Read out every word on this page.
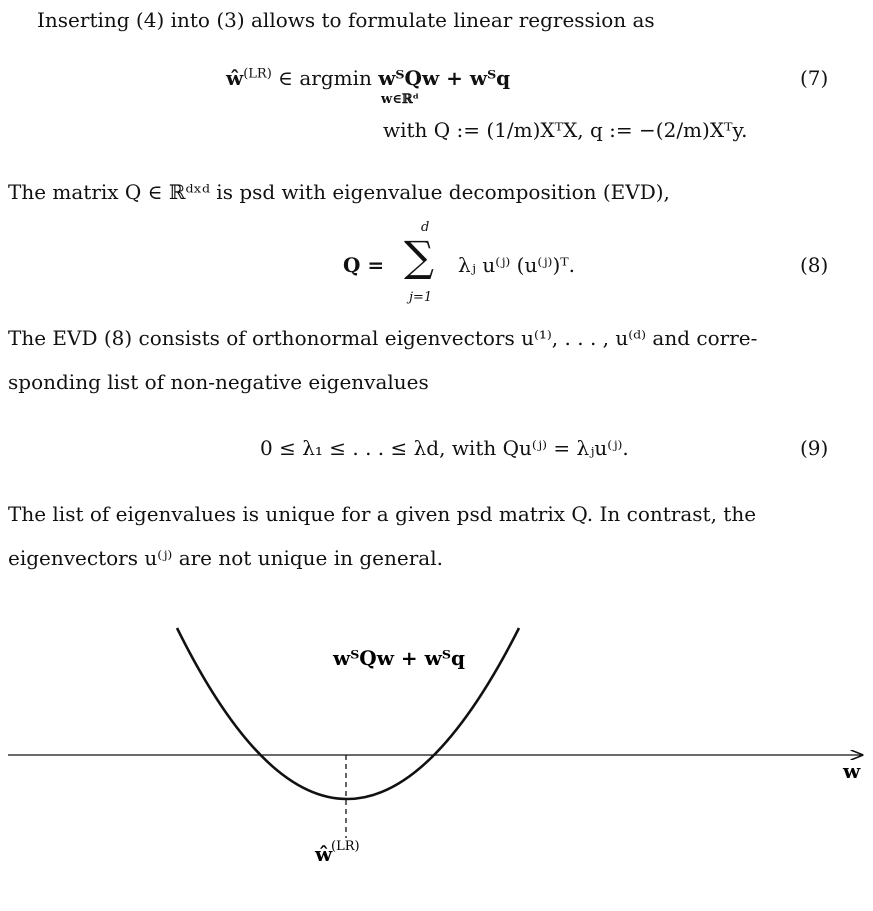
Inserting (4) into (3) allows to formulate linear regression as
$ŵ^{(LR)}$ ∈ argmin wᵀQw + wᵀq
w∈ℝᵈ
with Q := (1/m)XᵀX, q := −(2/m)Xᵀy.
(7)
The matrix Q ∈ ℝᵈˣᵈ is psd with eigenvalue decomposition (EVD),
Q =
d
∑
j=1
λⱼ u⁽ʲ⁾ (u⁽ʲ⁾)ᵀ.	(8)
The EVD (8) consists of orthonormal eigenvectors u⁽¹⁾, . . . , u⁽ᵈ⁾ and corre-
sponding list of non-negative eigenvalues
0 ≤ λ₁ ≤ . . . ≤ λd, with Qu⁽ʲ⁾ = λⱼu⁽ʲ⁾.	(9)
The list of eigenvalues is unique for a given psd matrix Q. In contrast, the
eigenvectors u⁽ʲ⁾ are not unique in general.
wᵀQw + wᵀq
w
ŵ
(LR)
